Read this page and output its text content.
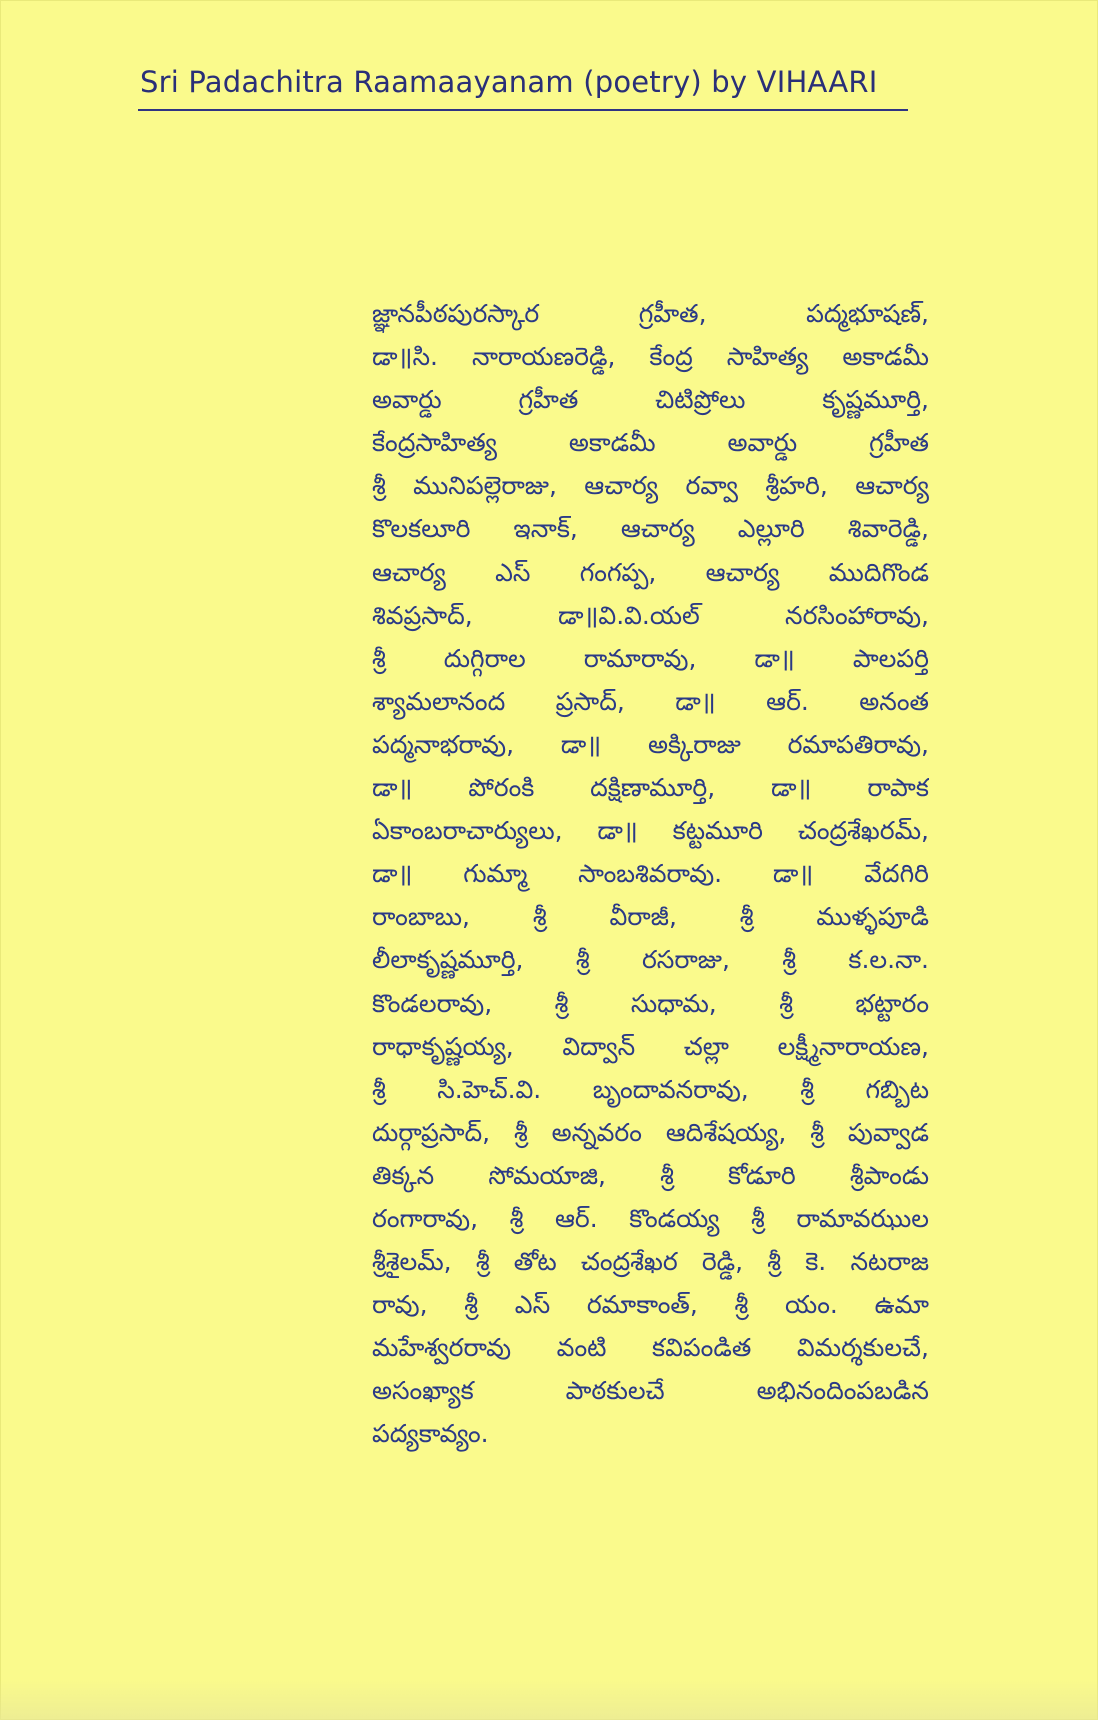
Sri Padachitra Raamaayanam (poetry) by VIHAARI
జ్ఞానపీఠపురస్కార గ్రహీత, పద్మభూషణ్,
డా॥సి. నారాయణరెడ్డి, కేంద్ర సాహిత్య అకాడమీ
అవార్డు గ్రహీత చిటిప్రోలు కృష్ణమూర్తి,
కేంద్రసాహిత్య అకాడమీ అవార్డు గ్రహీత
శ్రీ మునిపల్లెరాజు, ఆచార్య రవ్వా శ్రీహరి, ఆచార్య
కొలకలూరి ఇనాక్, ఆచార్య ఎల్లూరి శివారెడ్డి,
ఆచార్య ఎస్ గంగప్ప, ఆచార్య ముదిగొండ
శివప్రసాద్, డా॥వి.వి.యల్ నరసింహారావు,
శ్రీ దుగ్గిరాల రామారావు, డా॥ పాలపర్తి
శ్యామలానంద ప్రసాద్, డా॥ ఆర్. అనంత
పద్మనాభరావు, డా॥ అక్కిరాజు రమాపతిరావు,
డా॥ పోరంకి దక్షిణామూర్తి, డా॥ రాపాక
ఏకాంబరాచార్యులు, డా॥ కట్టమూరి చంద్రశేఖరమ్,
డా॥ గుమ్మా సాంబశివరావు. డా॥ వేదగిరి
రాంబాబు, శ్రీ వీరాజీ, శ్రీ ముళ్ళపూడి
లీలాకృష్ణమూర్తి, శ్రీ రసరాజు, శ్రీ క.ల.నా.
కొండలరావు, శ్రీ సుధామ, శ్రీ భట్టారం
రాధాకృష్ణయ్య, విద్వాన్ చల్లా లక్ష్మీనారాయణ,
శ్రీ సి.హెచ్.వి. బృందావనరావు, శ్రీ గబ్బిట
దుర్గాప్రసాద్, శ్రీ అన్నవరం ఆదిశేషయ్య, శ్రీ పువ్వాడ
తిక్కన సోమయాజి, శ్రీ కోడూరి శ్రీపాండు
రంగారావు, శ్రీ ఆర్. కొండయ్య శ్రీ రామావఝుల
శ్రీశైలమ్, శ్రీ తోట చంద్రశేఖర రెడ్డి, శ్రీ కె. నటరాజ
రావు, శ్రీ ఎస్ రమాకాంత్, శ్రీ యం. ఉమా
మహేశ్వరరావు వంటి కవిపండిత విమర్శకులచే,
అసంఖ్యాక పాఠకులచే అభినందింపబడిన
పద్యకావ్యం.
